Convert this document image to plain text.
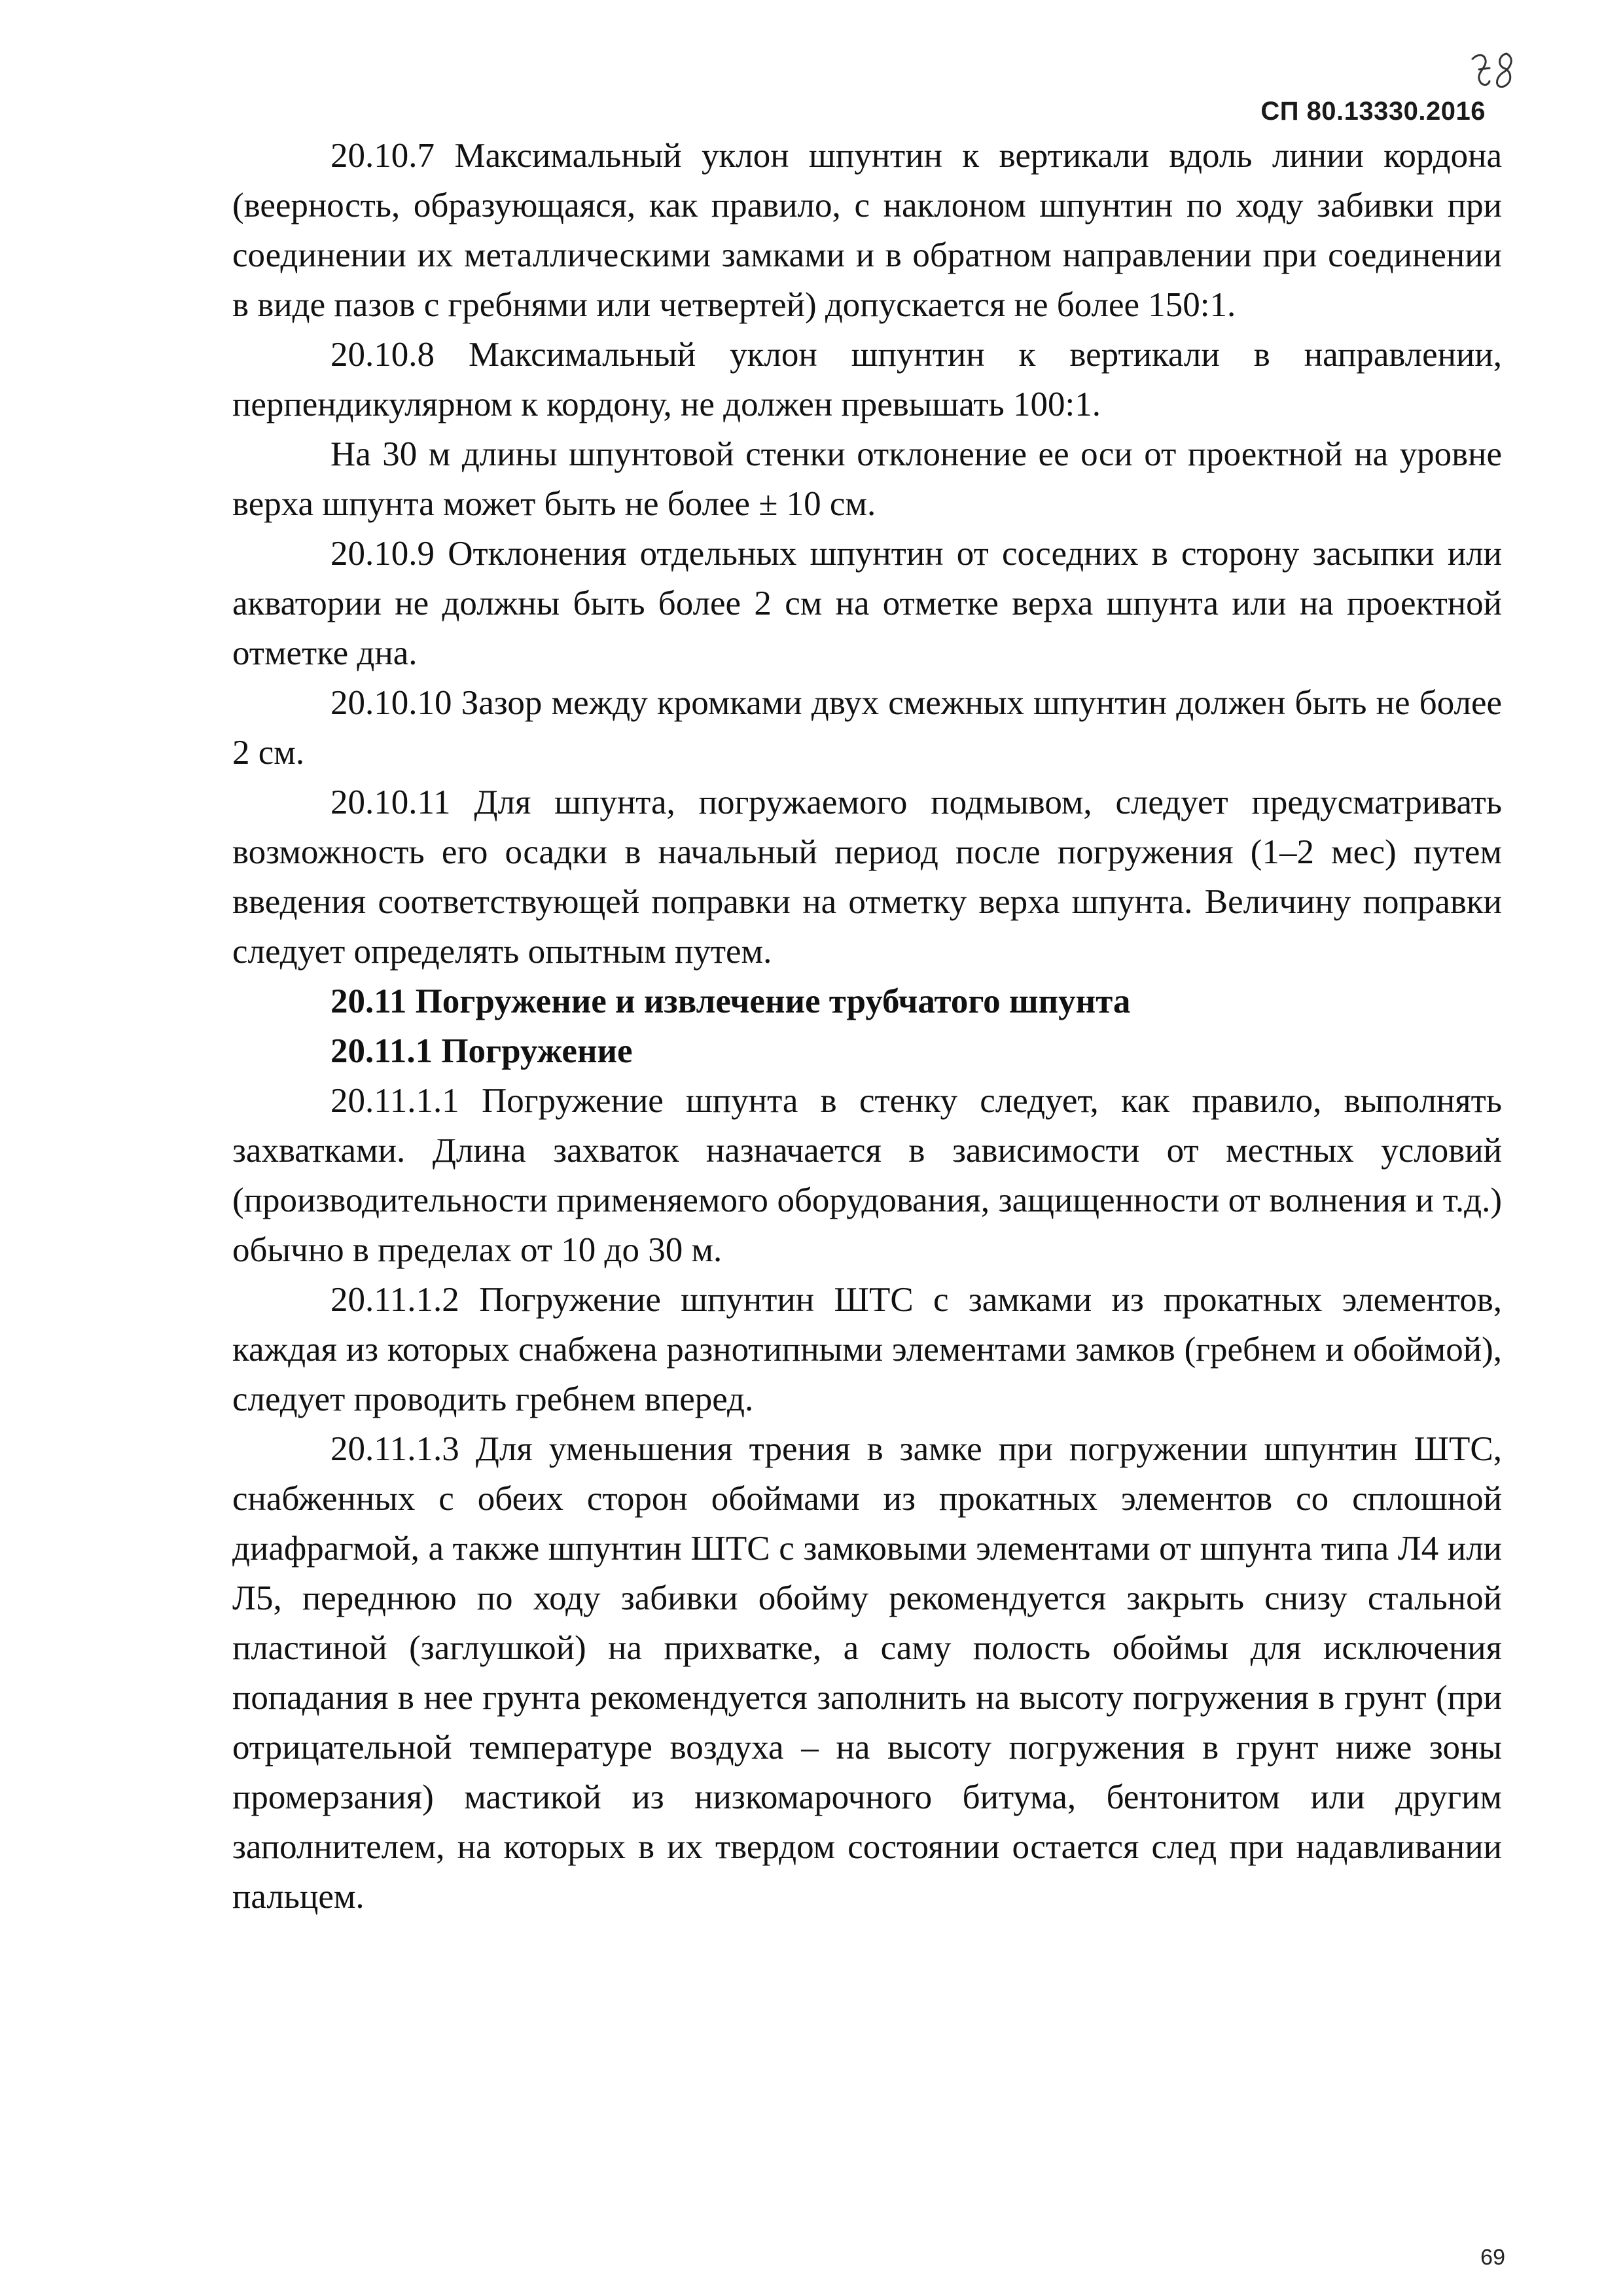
СП 80.13330.2016

20.10.7 Максимальный уклон шпунтин к вертикали вдоль линии кордона (веерность, образующаяся, как правило, с наклоном шпунтин по ходу забивки при соединении их металлическими замками и в обратном направлении при соединении в виде пазов с гребнями или четвертей) допускается не более 150:1.

20.10.8 Максимальный уклон шпунтин к вертикали в направлении, перпендикулярном к кордону, не должен превышать 100:1.

На 30 м длины шпунтовой стенки отклонение ее оси от проектной на уровне верха шпунта может быть не более ± 10 см.

20.10.9 Отклонения отдельных шпунтин от соседних в сторону засыпки или акватории не должны быть более 2 см на отметке верха шпунта или на проектной отметке дна.

20.10.10 Зазор между кромками двух смежных шпунтин должен быть не более 2 см.

20.10.11 Для шпунта, погружаемого подмывом, следует предусматривать возможность его осадки в начальный период после погружения (1–2 мес) путем введения соответствующей поправки на отметку верха шпунта. Величину поправки следует определять опытным путем.

20.11 Погружение и извлечение трубчатого шпунта

20.11.1 Погружение

20.11.1.1 Погружение шпунта в стенку следует, как правило, выполнять захватками. Длина захваток назначается в зависимости от местных условий (производительности применяемого оборудования, защищенности от волнения и т.д.) обычно в пределах от 10 до 30 м.

20.11.1.2 Погружение шпунтин ШТС с замками из прокатных элементов, каждая из которых снабжена разнотипными элементами замков (гребнем и обоймой), следует проводить гребнем вперед.

20.11.1.3 Для уменьшения трения в замке при погружении шпунтин ШТС, снабженных с обеих сторон обоймами из прокатных элементов со сплошной диафрагмой, а также шпунтин ШТС с замковыми элементами от шпунта типа Л4 или Л5, переднюю по ходу забивки обойму рекомендуется закрыть снизу стальной пластиной (заглушкой) на прихватке, а саму полость обоймы для исключения попадания в нее грунта рекомендуется заполнить на высоту погружения в грунт (при отрицательной температуре воздуха – на высоту погружения в грунт ниже зоны промерзания) мастикой из низкомарочного битума, бентонитом или другим заполнителем, на которых в их твердом состоянии остается след при надавливании пальцем.

69
